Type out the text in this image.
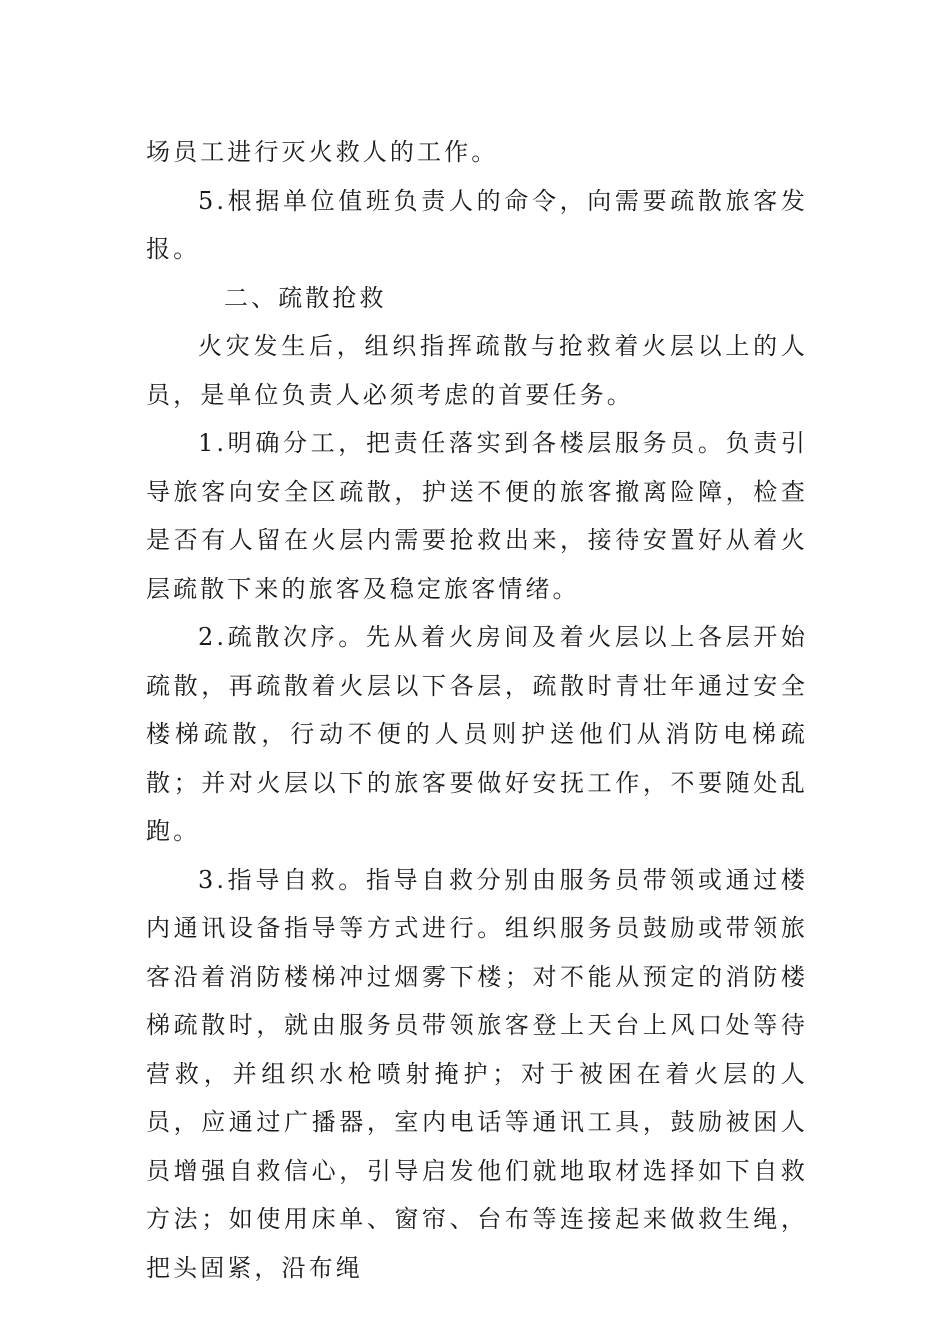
场员工进行灭火救人的工作。

5.根据单位值班负责人的命令，向需要疏散旅客发报。

二、疏散抢救

火灾发生后，组织指挥疏散与抢救着火层以上的人员，是单位负责人必须考虑的首要任务。

1.明确分工，把责任落实到各楼层服务员。负责引导旅客向安全区疏散，护送不便的旅客撤离险障，检查是否有人留在火层内需要抢救出来，接待安置好从着火层疏散下来的旅客及稳定旅客情绪。

2.疏散次序。先从着火房间及着火层以上各层开始疏散，再疏散着火层以下各层，疏散时青壮年通过安全楼梯疏散，行动不便的人员则护送他们从消防电梯疏散；并对火层以下的旅客要做好安抚工作，不要随处乱跑。

3.指导自救。指导自救分别由服务员带领或通过楼内通讯设备指导等方式进行。组织服务员鼓励或带领旅客沿着消防楼梯冲过烟雾下楼；对不能从预定的消防楼梯疏散时，就由服务员带领旅客登上天台上风口处等待营救，并组织水枪喷射掩护；对于被困在着火层的人员，应通过广播器，室内电话等通讯工具，鼓励被困人员增强自救信心，引导启发他们就地取材选择如下自救方法；如使用床单、窗帘、台布等连接起来做救生绳，把头固紧，沿布绳
